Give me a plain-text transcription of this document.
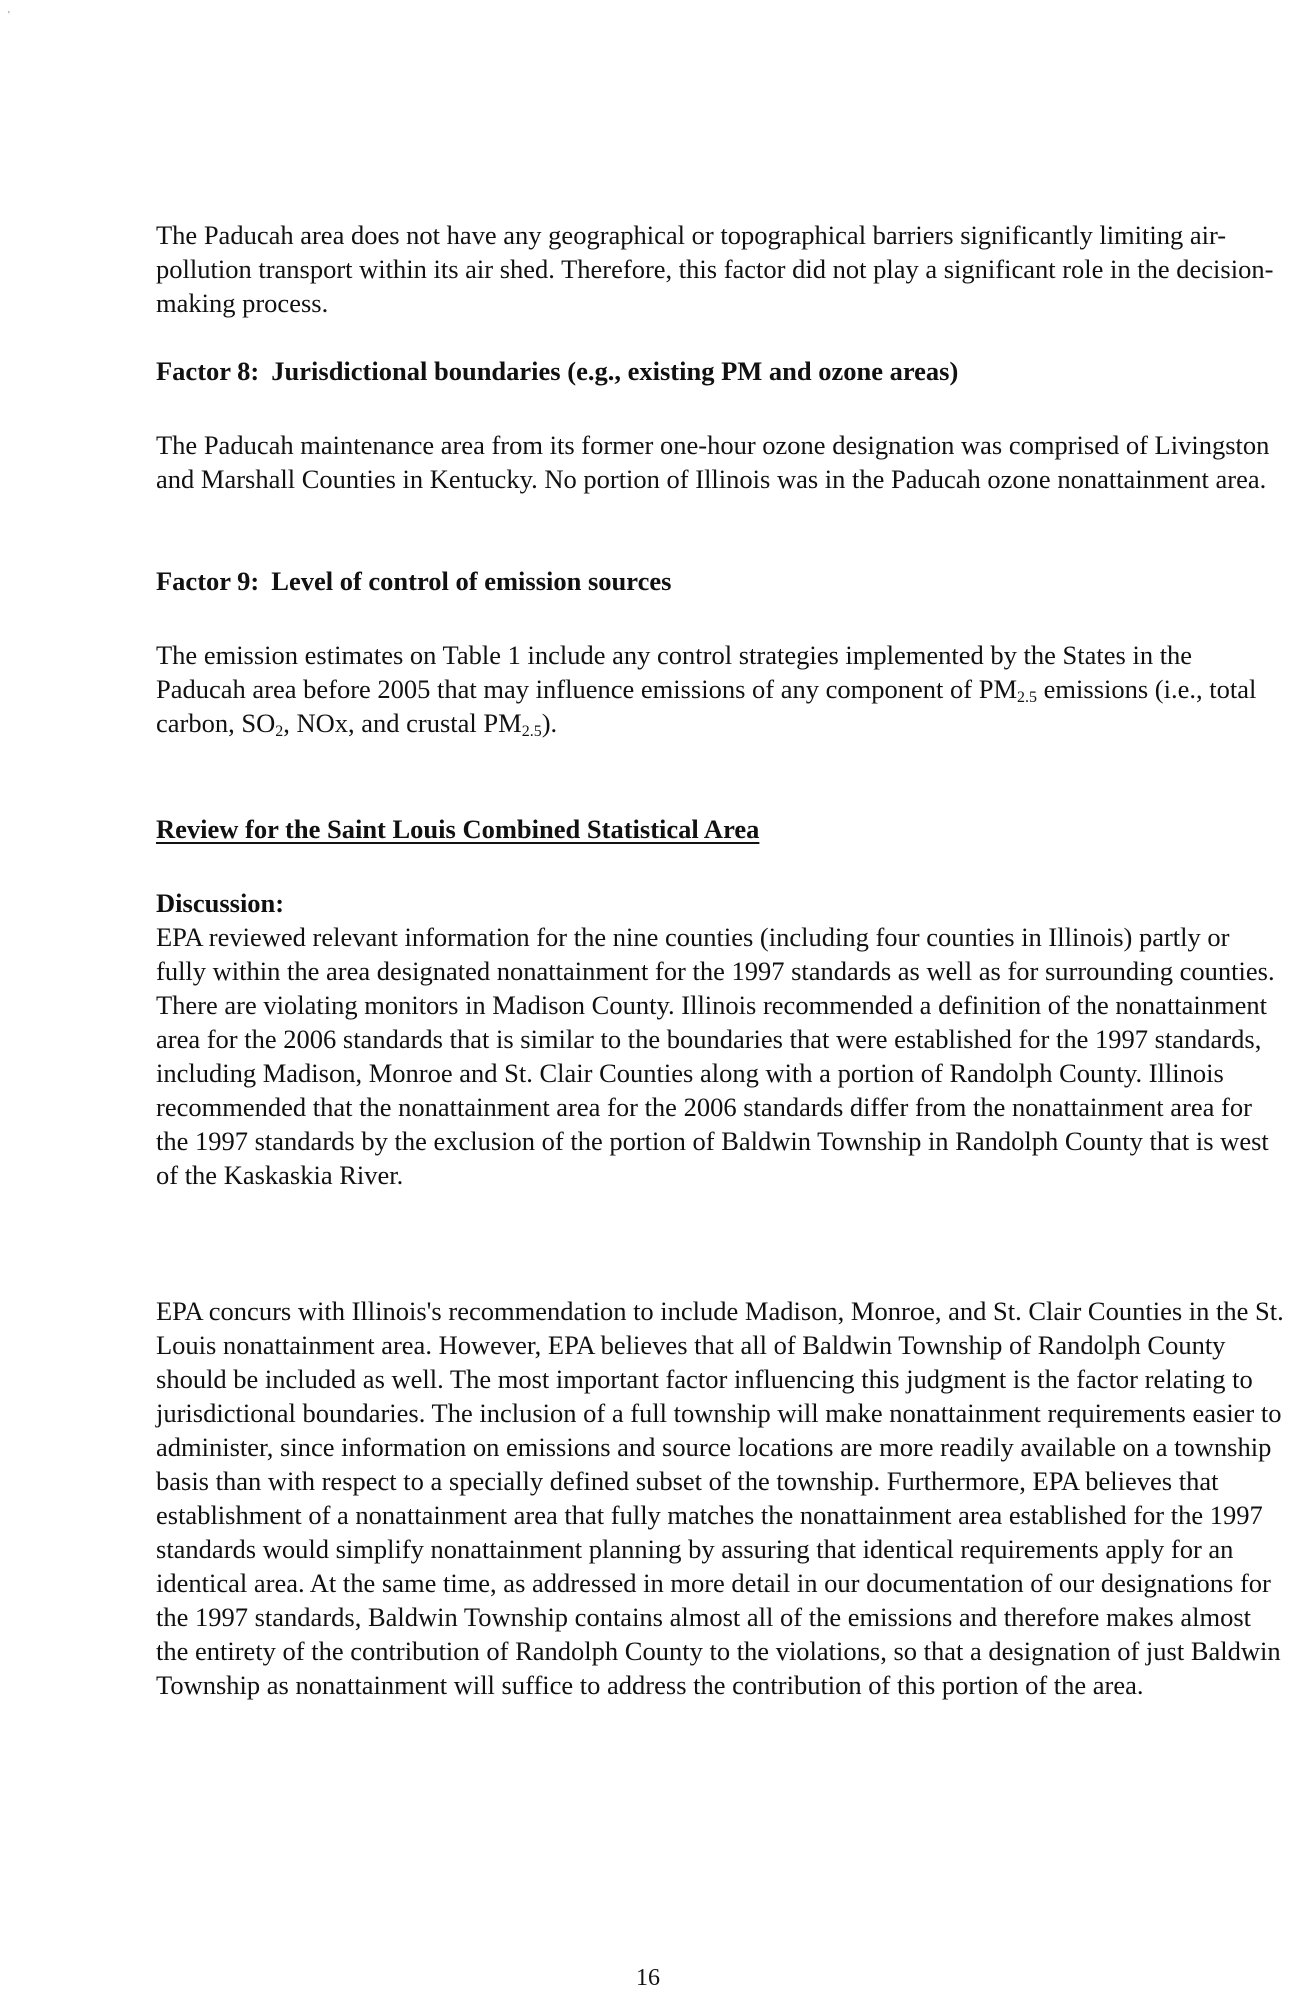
'

The Paducah area does not have any geographical or topographical barriers significantly limiting air-pollution transport within its air shed. Therefore, this factor did not play a significant role in the decision-making process.

Factor 8: Jurisdictional boundaries (e.g., existing PM and ozone areas)

The Paducah maintenance area from its former one-hour ozone designation was comprised of Livingston and Marshall Counties in Kentucky. No portion of Illinois was in the Paducah ozone nonattainment area.

Factor 9: Level of control of emission sources

The emission estimates on Table 1 include any control strategies implemented by the States in the Paducah area before 2005 that may influence emissions of any component of $PM_{2.5}$ emissions (i.e., total carbon, $SO_2$, NOx, and crustal $PM_{2.5}$).

Review for the Saint Louis Combined Statistical Area
Discussion:

EPA reviewed relevant information for the nine counties (including four counties in Illinois) partly or fully within the area designated nonattainment for the 1997 standards as well as for surrounding counties. There are violating monitors in Madison County. Illinois recommended a definition of the nonattainment area for the 2006 standards that is similar to the boundaries that were established for the 1997 standards, including Madison, Monroe and St. Clair Counties along with a portion of Randolph County. Illinois recommended that the nonattainment area for the 2006 standards differ from the nonattainment area for the 1997 standards by the exclusion of the portion of Baldwin Township in Randolph County that is west of the Kaskaskia River.

EPA concurs with Illinois's recommendation to include Madison, Monroe, and St. Clair Counties in the St. Louis nonattainment area. However, EPA believes that all of Baldwin Township of Randolph County should be included as well. The most important factor influencing this judgment is the factor relating to jurisdictional boundaries. The inclusion of a full township will make nonattainment requirements easier to administer, since information on emissions and source locations are more readily available on a township basis than with respect to a specially defined subset of the township. Furthermore, EPA believes that establishment of a nonattainment area that fully matches the nonattainment area established for the 1997 standards would simplify nonattainment planning by assuring that identical requirements apply for an identical area. At the same time, as addressed in more detail in our documentation of our designations for the 1997 standards, Baldwin Township contains almost all of the emissions and therefore makes almost the entirety of the contribution of Randolph County to the violations, so that a designation of just Baldwin Township as nonattainment will suffice to address the contribution of this portion of the area.

16
